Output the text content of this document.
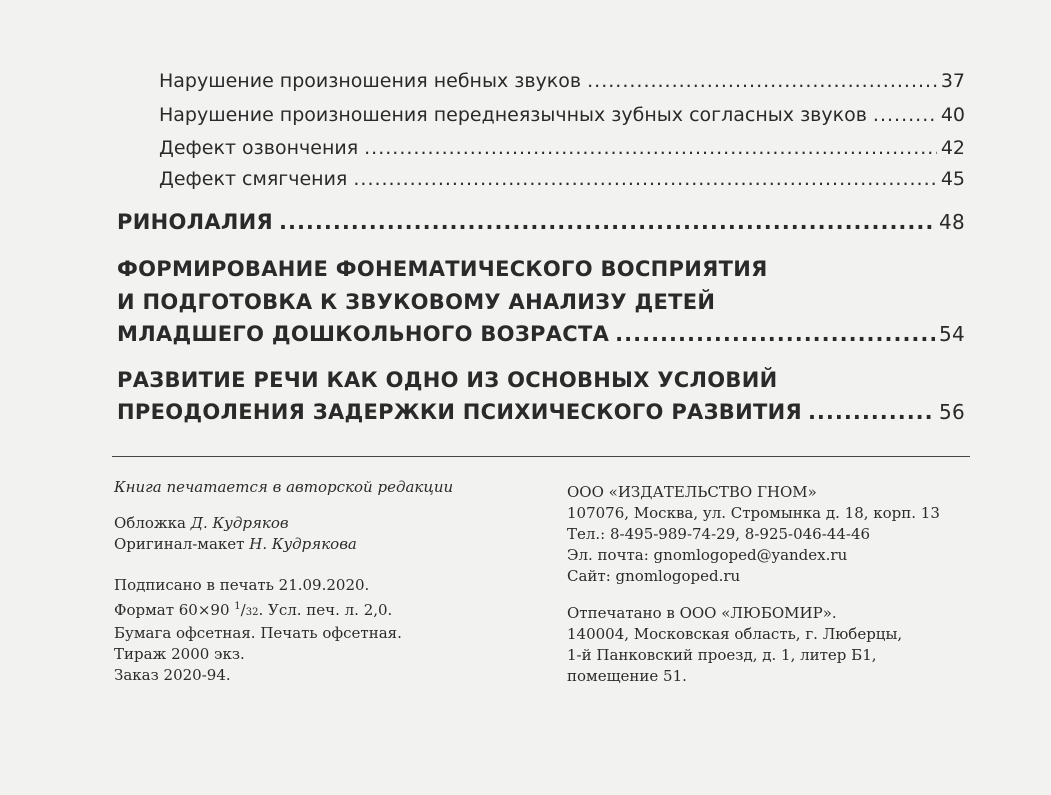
Нарушение произношения небных звуков .....	37
Нарушение произношения переднеязычных зубных согласных звуков .....	40
Дефект озвончения .....	42
Дефект смягчения .....	45
РИНОЛАЛИЯ .....	48
ФОРМИРОВАНИЕ ФОНЕМАТИЧЕСКОГО ВОСПРИЯТИЯ
И ПОДГОТОВКА К ЗВУКОВОМУ АНАЛИЗУ ДЕТЕЙ
МЛАДШЕГО ДОШКОЛЬНОГО ВОЗРАСТА .....	54
РАЗВИТИЕ РЕЧИ КАК ОДНО ИЗ ОСНОВНЫХ УСЛОВИЙ
ПРЕОДОЛЕНИЯ ЗАДЕРЖКИ ПСИХИЧЕСКОГО РАЗВИТИЯ .....	56
Книга печатается в авторской редакции
Обложка Д. Кудряков
Оригинал-макет Н. Кудрякова
Подписано в печать 21.09.2020.
Формат 60×90 $^1$/32. Усл. печ. л. 2,0.
Бумага офсетная. Печать офсетная.
Тираж 2000 экз.
Заказ 2020-94.
ООО «ИЗДАТЕЛЬСТВО ГНОМ»
107076, Москва, ул. Стромынка д. 18, корп. 13
Тел.: 8-495-989-74-29, 8-925-046-44-46
Эл. почта: gnomlogoped@yandex.ru
Сайт: gnomlogoped.ru
Отпечатано в ООО «ЛЮБОМИР».
140004, Московская область, г. Люберцы,
1-й Панковский проезд, д. 1, литер Б1,
помещение 51.
